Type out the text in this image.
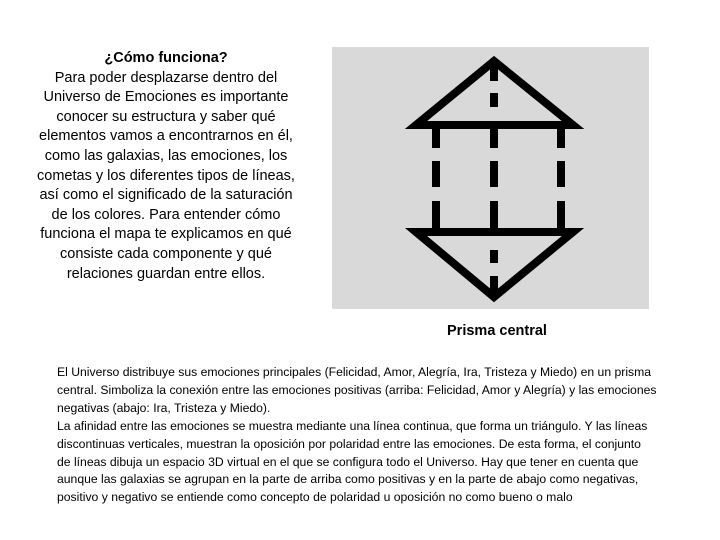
¿Cómo funciona?

Para poder desplazarse dentro del Universo de Emociones es importante conocer su estructura y saber qué elementos vamos a encontrarnos en él, como las galaxias, las emociones, los cometas y los diferentes tipos de líneas, así como el significado de la saturación de los colores. Para entender cómo funciona el mapa te explicamos en qué consiste cada componente y qué relaciones guardan entre ellos.

Prisma central

El Universo distribuye sus emociones principales (Felicidad, Amor, Alegría, Ira, Tristeza y Miedo) en un prisma central. Simboliza la conexión entre las emociones positivas (arriba: Felicidad, Amor y Alegría) y las emociones negativas (abajo: Ira, Tristeza y Miedo).

La afinidad entre las emociones se muestra mediante una línea continua, que forma un triángulo. Y las líneas discontinuas verticales, muestran la oposición por polaridad entre las emociones. De esta forma, el conjunto de líneas dibuja un espacio 3D virtual en el que se configura todo el Universo. Hay que tener en cuenta que aunque las galaxias se agrupan en la parte de arriba como positivas y en la parte de abajo como negativas, positivo y negativo se entiende como concepto de polaridad u oposición no como bueno o malo
